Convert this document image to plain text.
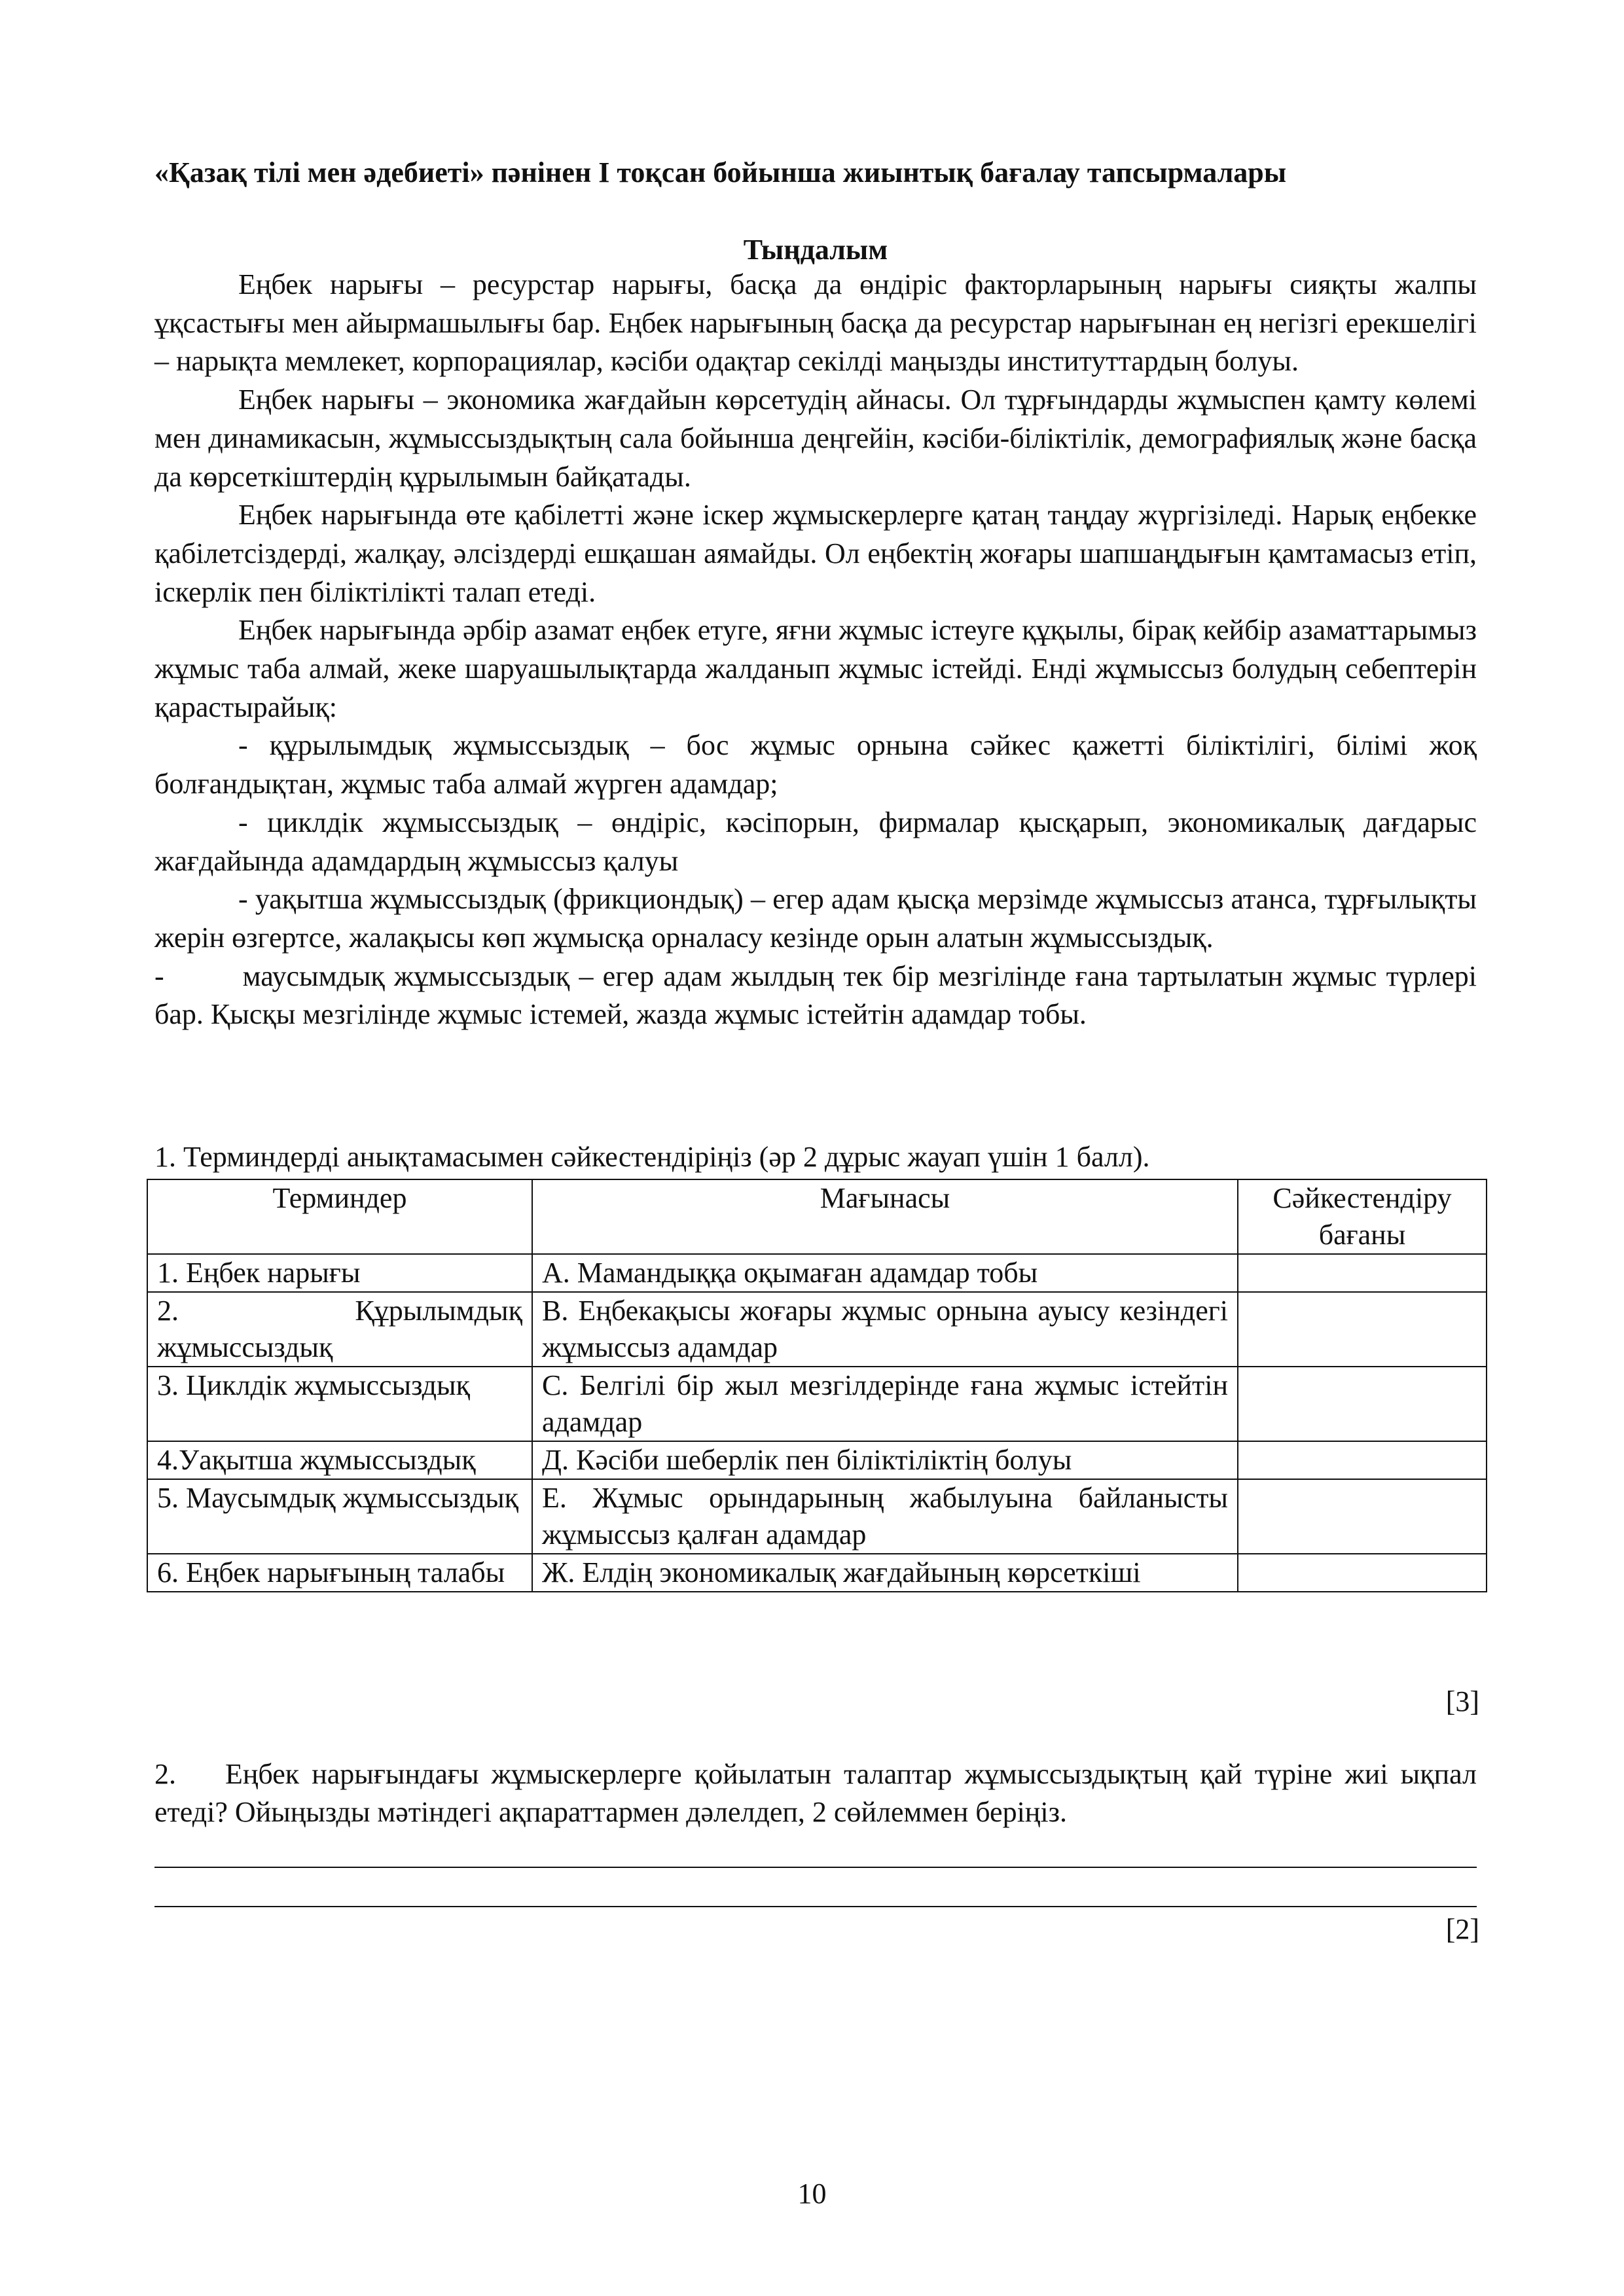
«Қазақ тілі мен әдебиеті» пәнінен I тоқсан бойынша жиынтық бағалау тапсырмалары
Тыңдалым

Еңбек нарығы – ресурстар нарығы, басқа да өндіріс факторларының нарығы сияқты жалпы ұқсастығы мен айырмашылығы бар. Еңбек нарығының басқа да ресурстар нарығынан ең негізгі ерекшелігі – нарықта мемлекет, корпорациялар, кәсіби одақтар секілді маңызды институттардың болуы.

Еңбек нарығы – экономика жағдайын көрсетудің айнасы. Ол тұрғындарды жұмыспен қамту көлемі мен динамикасын, жұмыссыздықтың сала бойынша деңгейін, кәсіби-біліктілік, демографиялық және басқа да көрсеткіштердің құрылымын байқатады.

Еңбек нарығында өте қабілетті және іскер жұмыскерлерге қатаң таңдау жүргізіледі. Нарық еңбекке қабілетсіздерді, жалқау, әлсіздерді ешқашан аямайды. Ол еңбектің жоғары шапшаңдығын қамтамасыз етіп, іскерлік пен біліктілікті талап етеді.

Еңбек нарығында әрбір азамат еңбек етуге, яғни жұмыс істеуге құқылы, бірақ кейбір азаматтарымыз жұмыс таба алмай, жеке шаруашылықтарда жалданып жұмыс істейді. Енді жұмыссыз болудың себептерін қарастырайық:

- құрылымдық жұмыссыздық – бос жұмыс орнына сәйкес қажетті біліктілігі, білімі жоқ болғандықтан, жұмыс таба алмай жүрген адамдар;

- циклдік жұмыссыздық – өндіріс, кәсіпорын, фирмалар қысқарып, экономикалық дағдарыс жағдайында адамдардың жұмыссыз қалуы

- уақытша жұмыссыздық (фрикциондық) – егер адам қысқа мерзімде жұмыссыз атанса, тұрғылықты жерін өзгертсе, жалақысы көп жұмысқа орналасу кезінде орын алатын жұмыссыздық.

-	маусымдық жұмыссыздық – егер адам жылдың тек бір мезгілінде ғана тартылатын жұмыс түрлері бар. Қысқы мезгілінде жұмыс істемей, жазда жұмыс істейтін адамдар тобы.

1. Терминдерді анықтамасымен сәйкестендіріңіз (әр 2 дұрыс жауап үшін 1 балл).
Терминдер	Мағынасы	Сәйкестендіру бағаны
1. Еңбек нарығы	А. Мамандыққа оқымаған адамдар тобы	
2. Құрылымдық жұмыссыздық	В. Еңбекақысы жоғары жұмыс орнына ауысу кезіндегі жұмыссыз адамдар	
3. Циклдік жұмыссыздық	С. Белгілі бір жыл мезгілдерінде ғана жұмыс істейтін адамдар	
4.Уақытша жұмыссыздық	Д. Кәсіби шеберлік пен біліктіліктің болуы	
5. Маусымдық жұмыссыздық	Е. Жұмыс орындарының жабылуына байланысты жұмыссыз қалған адамдар	
6. Еңбек нарығының талабы	Ж. Елдің экономикалық жағдайының көрсеткіші	
[3]
2. Еңбек нарығындағы жұмыскерлерге қойылатын талаптар жұмыссыздықтың қай түріне жиі ықпал етеді? Ойыңызды мәтіндегі ақпараттармен дәлелдеп, 2 сөйлеммен беріңіз.
[2]
10
